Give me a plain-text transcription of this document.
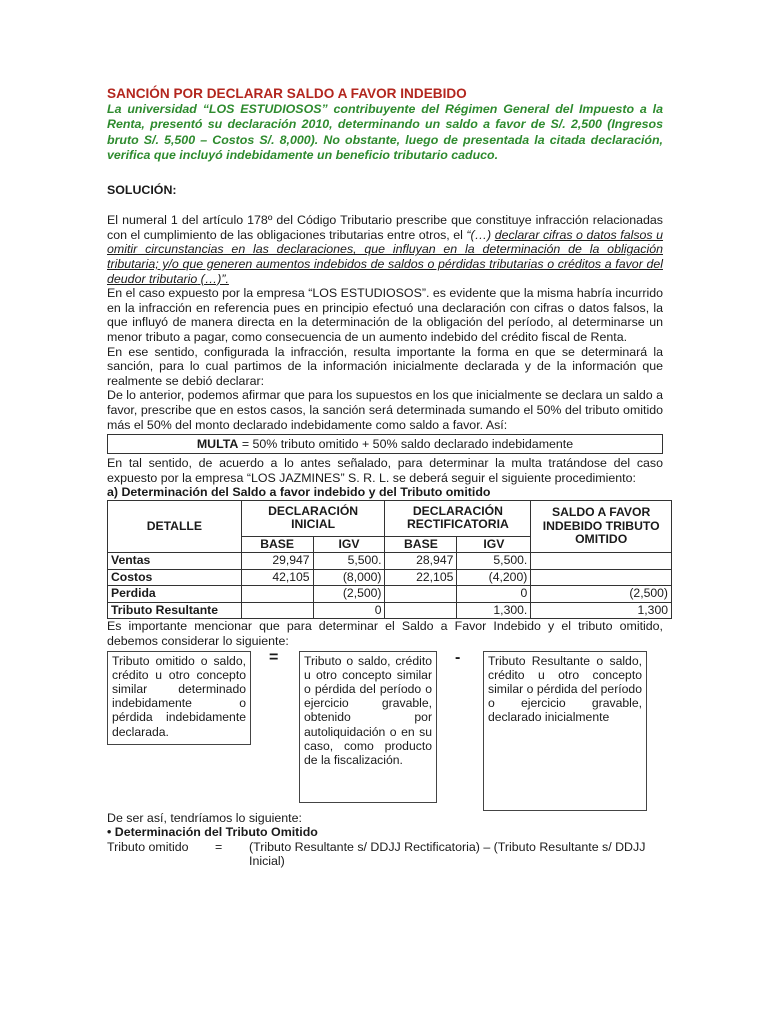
SANCIÓN POR DECLARAR SALDO A FAVOR INDEBIDO
La universidad “LOS ESTUDIOSOS” contribuyente del Régimen General del Impuesto a la Renta, presentó su declaración 2010, determinando un saldo a favor de S/. 2,500 (Ingresos bruto S/. 5,500 – Costos S/. 8,000). No obstante, luego de presentada la citada declaración, verifica que incluyó indebidamente un beneficio tributario caduco.
SOLUCIÓN:
El numeral 1 del artículo 178º del Código Tributario prescribe que constituye infracción relacionadas con el cumplimiento de las obligaciones tributarias entre otros, el “(…) declarar cifras o datos falsos u omitir circunstancias en las declaraciones, que influyan en la determinación de la obligación tributaria; y/o que generen aumentos indebidos de saldos o pérdidas tributarias o créditos a favor del deudor tributario (…)”.
En el caso expuesto por la empresa “LOS ESTUDIOSOS”. es evidente que la misma habría incurrido en la infracción en referencia pues en principio efectuó una declaración con cifras o datos falsos, la que influyó de manera directa en la determinación de la obligación del período, al determinarse un menor tributo a pagar, como consecuencia de un aumento indebido del crédito fiscal de Renta.
En ese sentido, configurada la infracción, resulta importante la forma en que se determinará la sanción, para lo cual partimos de la información inicialmente declarada y de la información que realmente se debió declarar:
De lo anterior, podemos afirmar que para los supuestos en los que inicialmente se declara un saldo a favor, prescribe que en estos casos, la sanción será determinada sumando el 50% del tributo omitido más el 50% del monto declarado indebidamente como saldo a favor. Así:
MULTA = 50% tributo omitido + 50% saldo declarado indebidamente
En tal sentido, de acuerdo a lo antes señalado, para determinar la multa tratándose del caso expuesto por la empresa “LOS JAZMINES” S. R. L. se deberá seguir el siguiente procedimiento:
a) Determinación del Saldo a favor indebido y del Tributo omitido
DETALLE	DECLARACIÓN INICIAL		DECLARACIÓN RECTIFICATORIA		SALDO A FAVOR INDEBIDO TRIBUTO OMITIDO
	BASE	IGV	BASE	IGV	
Ventas	29,947	5,500.	28,947	5,500.	
Costos	42,105	(8,000)	22,105	(4,200)	
Perdida		(2,500)		0	(2,500)
Tributo Resultante		0		1,300.	1,300
Es importante mencionar que para determinar el Saldo a Favor Indebido y el tributo omitido, debemos considerar lo siguiente:
Tributo omitido o saldo, crédito u otro concepto similar determinado indebidamente o pérdida indebidamente declarada.
=	Tributo o saldo, crédito u otro concepto similar o pérdida del período o ejercicio gravable, obtenido por autoliquidación o en su caso, como producto de la fiscalización.
-	Tributo Resultante o saldo, crédito u otro concepto similar o pérdida del período o ejercicio gravable, declarado inicialmente
De ser así, tendríamos lo siguiente:
• Determinación del Tributo Omitido
Tributo omitido	=	(Tributo Resultante s/ DDJJ Rectificatoria) – (Tributo Resultante s/ DDJJ Inicial)
